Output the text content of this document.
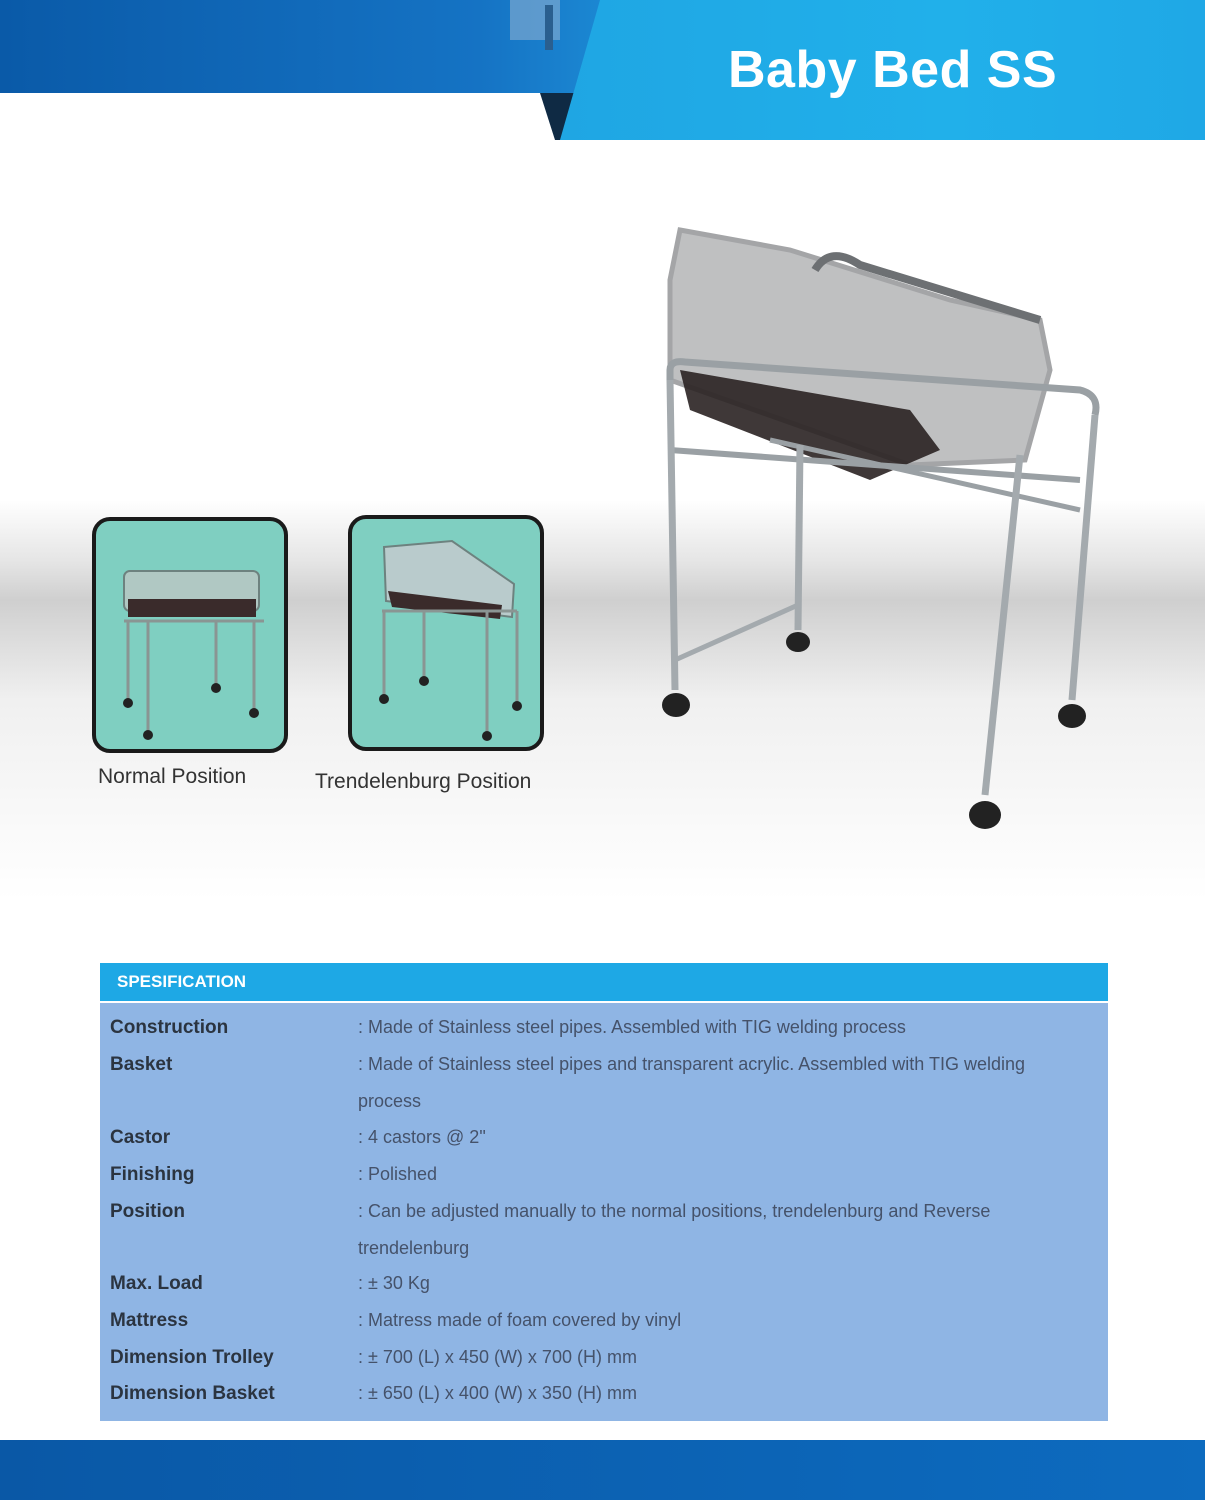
Baby Bed SS
Normal Position	Trendelenburg Position
SPESIFICATION
Construction	: Made of Stainless steel pipes. Assembled with TIG welding process
Basket	: Made of Stainless steel pipes and transparent acrylic. Assembled with TIG welding process
Castor	: 4 castors @ 2"
Finishing	: Polished
Position	: Can be adjusted manually to the normal positions, trendelenburg and Reverse trendelenburg
Max. Load	: ± 30 Kg
Mattress	: Matress made of foam covered by vinyl
Dimension Trolley	: ± 700 (L) x 450 (W) x 700 (H) mm
Dimension Basket	: ± 650 (L) x 400 (W) x 350 (H) mm
